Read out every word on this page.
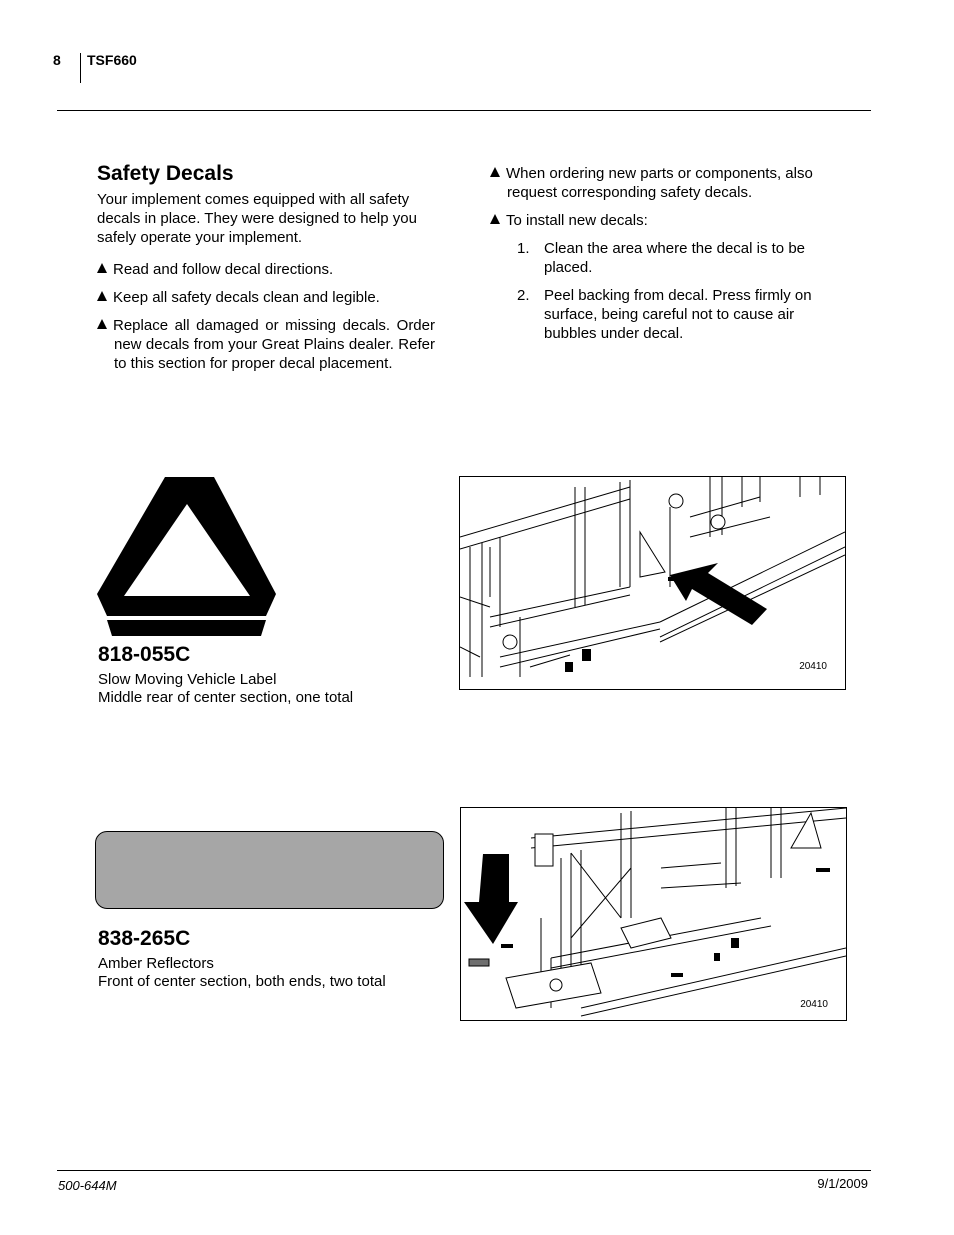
8 TSF660
Safety Decals
Your implement comes equipped with all safety decals in place. They were designed to help you safely operate your implement.
Read and follow decal directions.
Keep all safety decals clean and legible.
Replace all damaged or missing decals. Order new decals from your Great Plains dealer. Refer to this section for proper decal placement.
When ordering new parts or components, also request corresponding safety decals.
To install new decals:
1. Clean the area where the decal is to be placed.
2. Peel backing from decal. Press firmly on surface, being careful not to cause air bubbles under decal.
818-055C
Slow Moving Vehicle Label
Middle rear of center section, one total
20410
838-265C
Amber Reflectors
Front of center section, both ends, two total
20410
500-644M	9/1/2009
